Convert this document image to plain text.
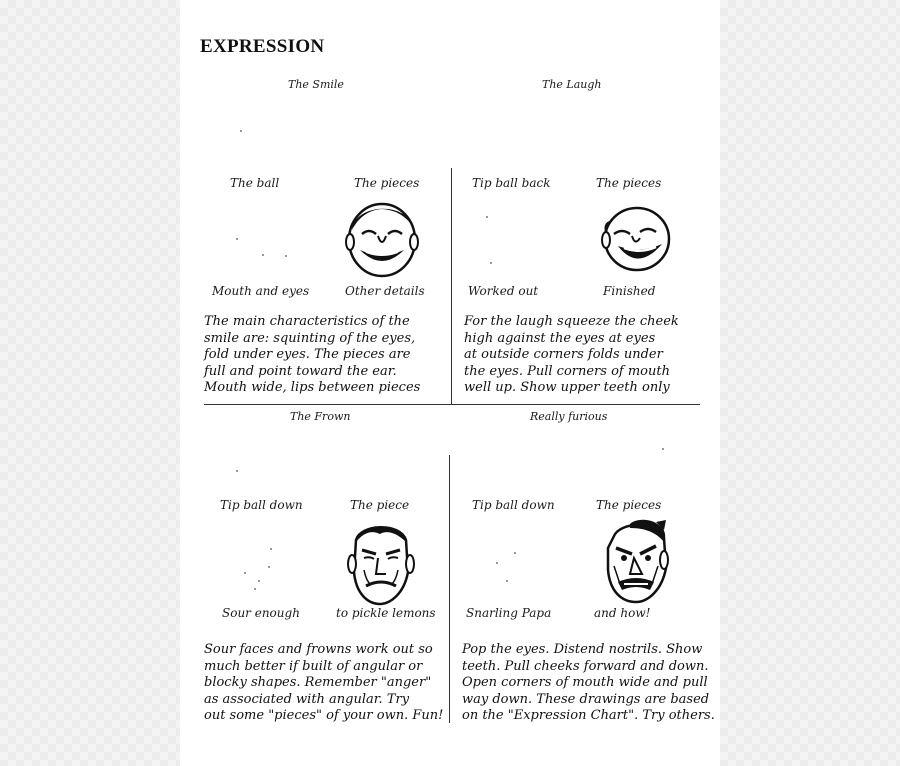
EXPRESSION
The Smile
The ball	The pieces
Mouth and eyes	Other details
The main characteristics of the
smile are: squinting of the eyes,
fold under eyes. The pieces are
full and point toward the ear.
Mouth wide, lips between pieces
The Laugh
Tip ball back	The pieces
Worked out	Finished
For the laugh squeeze the cheek
high against the eyes at eyes
at outside corners folds under
the eyes. Pull corners of mouth
well up. Show upper teeth only
The Frown
Tip ball down	The piece
Sour enough	to pickle lemons
Sour faces and frowns work out so
much better if built of angular or
blocky shapes. Remember "anger"
as associated with angular. Try
out some "pieces" of your own. Fun!
Really furious
Tip ball down	The pieces
Snarling Papa	and how!
Pop the eyes. Distend nostrils. Show
teeth. Pull cheeks forward and down.
Open corners of mouth wide and pull
way down. These drawings are based
on the "Expression Chart". Try others.
